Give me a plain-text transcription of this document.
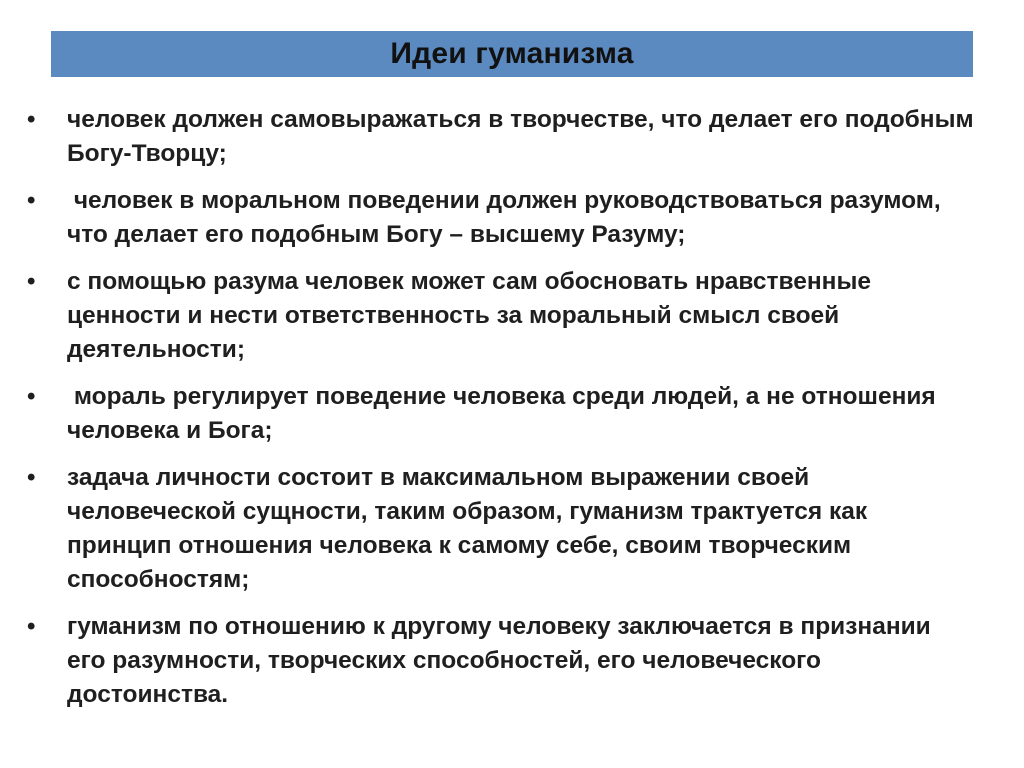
Идеи гуманизма
• человек должен самовыражаться в творчестве, что делает его подобным Богу-Творцу;
• человек в моральном поведении должен руководствоваться разумом, что делает его подобным Богу – высшему Разуму;
• с помощью разума человек может сам обосновать нравственные ценности и нести ответственность за моральный смысл своей деятельности;
• мораль регулирует поведение человека среди людей, а не отношения человека и Бога;
• задача личности состоит в максимальном выражении своей человеческой сущности, таким образом, гуманизм трактуется как принцип отношения человека к самому себе, своим творческим способностям;
• гуманизм по отношению к другому человеку заключается в признании его разумности, творческих способностей, его человеческого достоинства.
